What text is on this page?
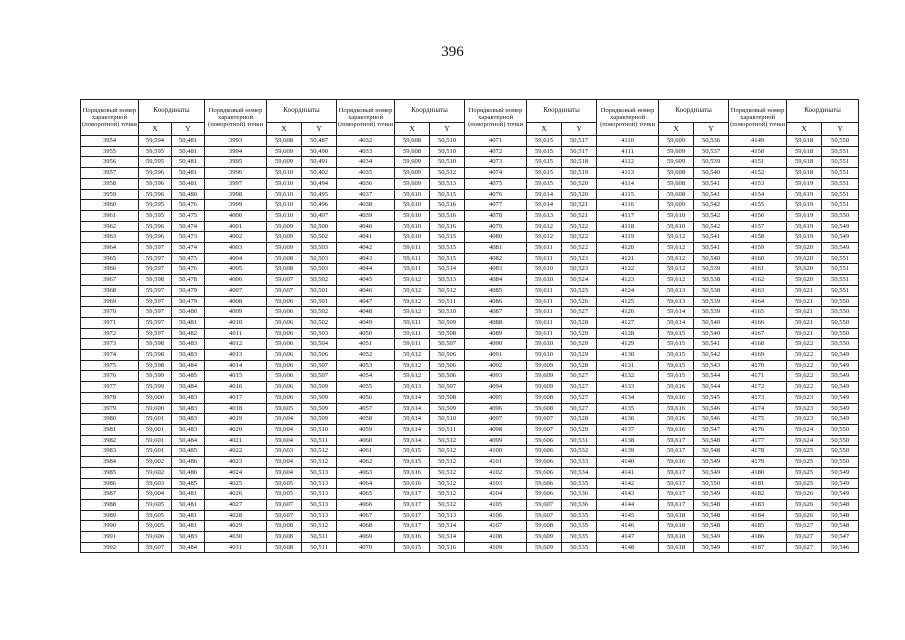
396
Порядковый номер характерной (поворотной) точки	Координаты		Порядковый номер характерной (поворотной) точки	Координаты		Порядковый номер характерной (поворотной) точки	Координаты		Порядковый номер характерной (поворотной) точки	Координаты		Порядковый номер характерной (поворотной) точки	Координаты		Порядковый номер характерной (поворотной) точки	Координаты	
	X	Y		X	Y		X	Y		X	Y		X	Y		X	Y
3954	59,594	50,481	3993	59,608	50,487	4032	59,608	50,510	4071	59,615	50,517	4110	59,609	50,536	4149	59,618	50,550
3955	59,595	50,481	3994	59,609	50,490	4033	59,608	50,510	4072	59,615	50,517	4111	59,609	50,537	4150	59,618	50,551
3956	59,595	50,481	3995	59,609	50,491	4034	59,609	50,510	4073	59,615	50,518	4112	59,609	50,539	4151	59,618	50,551
3957	59,596	50,481	3996	59,610	50,492	4035	59,609	50,512	4074	59,615	50,519	4113	59,608	50,540	4152	59,618	50,551
3958	59,596	50,481	3997	59,610	50,494	4036	59,609	50,513	4075	59,615	50,520	4114	59,608	50,541	4153	59,619	50,551
3959	59,596	50,480	3998	59,610	50,495	4037	59,610	50,515	4076	59,614	50,520	4115	59,608	50,541	4154	59,619	50,551
3960	59,595	50,476	3999	59,610	50,496	4038	59,610	50,516	4077	59,614	50,521	4116	59,609	50,542	4155	59,619	50,551
3961	59,595	50,475	4000	59,610	50,497	4039	59,610	50,516	4078	59,613	50,521	4117	59,610	50,542	4156	59,619	50,550
3962	59,596	50,474	4001	59,609	50,500	4040	59,610	50,516	4079	59,612	50,522	4118	59,610	50,542	4157	59,619	50,549
3963	59,596	50,473	4002	59,609	50,502	4041	59,610	50,515	4080	59,612	50,522	4119	59,612	50,541	4158	59,619	50,549
3964	59,597	50,474	4003	59,609	50,503	4042	59,611	50,515	4081	59,611	50,522	4120	59,612	50,541	4159	59,620	50,549
3965	59,597	50,475	4004	59,608	50,503	4043	59,611	50,515	4082	59,611	50,523	4121	59,612	50,540	4160	59,620	50,551
3966	59,597	50,476	4005	59,608	50,503	4044	59,611	50,514	4083	59,610	50,523	4122	59,612	50,539	4161	59,620	50,551
3967	59,598	50,478	4006	59,607	50,502	4045	59,612	50,513	4084	59,610	50,524	4123	59,612	50,538	4162	59,620	50,551
3968	59,597	50,479	4007	59,607	50,501	4046	59,612	50,512	4085	59,611	50,525	4124	59,613	50,538	4163	59,621	50,551
3969	59,597	50,479	4008	59,606	50,501	4047	59,612	50,511	4086	59,611	50,526	4125	59,613	50,539	4164	59,621	50,550
3970	59,597	50,480	4009	59,606	50,502	4048	59,612	50,510	4087	59,611	50,527	4126	59,614	50,539	4165	59,621	50,550
3971	59,597	50,481	4010	59,606	50,502	4049	59,611	50,509	4088	59,611	50,528	4127	59,614	50,540	4166	59,621	50,550
3972	59,597	50,482	4011	59,606	50,503	4050	59,611	50,508	4089	59,611	50,529	4128	59,615	50,540	4167	59,621	50,550
3973	59,598	50,483	4012	59,606	50,504	4051	59,611	50,507	4090	59,610	50,529	4129	59,615	50,541	4168	59,622	50,550
3974	59,598	50,483	4013	59,606	50,506	4052	59,612	50,506	4091	59,610	50,529	4130	59,615	50,542	4169	59,622	50,549
3975	59,598	50,484	4014	59,606	50,507	4053	59,612	50,506	4092	59,609	50,528	4131	59,615	50,543	4170	59,622	50,549
3976	59,599	50,485	4015	59,606	50,507	4054	59,612	50,506	4093	59,609	50,527	4132	59,615	50,544	4171	59,622	50,549
3977	59,599	50,484	4016	59,606	50,509	4055	59,613	50,507	4094	59,609	50,527	4133	59,616	50,544	4172	59,622	50,549
3978	59,600	50,483	4017	59,606	50,509	4056	59,614	50,508	4095	59,608	50,527	4134	59,616	50,545	4173	59,623	50,549
3979	59,600	50,483	4018	59,605	50,509	4057	59,614	50,509	4096	59,608	50,527	4135	59,616	50,546	4174	59,623	50,549
3980	59,601	50,483	4019	59,604	50,509	4058	59,614	50,510	4097	59,607	50,528	4136	59,616	50,546	4175	59,623	50,549
3981	59,601	50,483	4020	59,604	50,510	4059	59,614	50,511	4098	59,607	50,529	4137	59,616	50,547	4176	59,624	50,550
3982	59,601	50,484	4021	59,604	50,511	4060	59,614	50,512	4099	59,606	50,531	4138	59,617	50,548	4177	59,624	50,550
3983	59,601	50,485	4022	59,603	50,512	4061	59,615	50,512	4100	59,606	50,532	4139	59,617	50,548	4178	59,625	50,550
3984	59,602	50,486	4023	59,604	50,512	4062	59,615	50,512	4101	59,606	50,533	4140	59,616	50,549	4179	59,625	50,550
3985	59,602	50,486	4024	59,604	50,513	4063	59,616	50,512	4102	59,606	50,534	4141	59,617	50,549	4180	59,625	50,549
3986	59,603	50,485	4025	59,605	50,513	4064	59,616	50,512	4103	59,606	50,535	4142	59,617	50,550	4181	59,625	50,549
3987	59,604	50,481	4026	59,605	50,513	4065	59,617	50,512	4104	59,606	50,536	4143	59,617	50,549	4182	59,626	50,549
3988	59,605	50,481	4027	59,607	50,513	4066	59,617	50,512	4105	59,607	50,536	4144	59,617	50,548	4183	59,626	50,548
3989	59,605	50,481	4028	59,607	50,513	4067	59,617	50,513	4106	59,607	50,535	4145	59,618	50,548	4184	59,626	50,548
3990	59,605	50,481	4029	59,608	50,512	4068	59,617	50,514	4107	59,608	50,535	4146	59,618	50,548	4185	59,627	50,548
3991	59,606	50,483	4030	59,608	50,511	4069	59,616	50,514	4108	59,609	50,535	4147	59,618	50,549	4186	59,627	50,547
3992	59,607	50,484	4031	59,608	50,511	4070	59,615	50,516	4109	59,609	50,535	4148	59,618	50,549	4187	59,627	50,546
